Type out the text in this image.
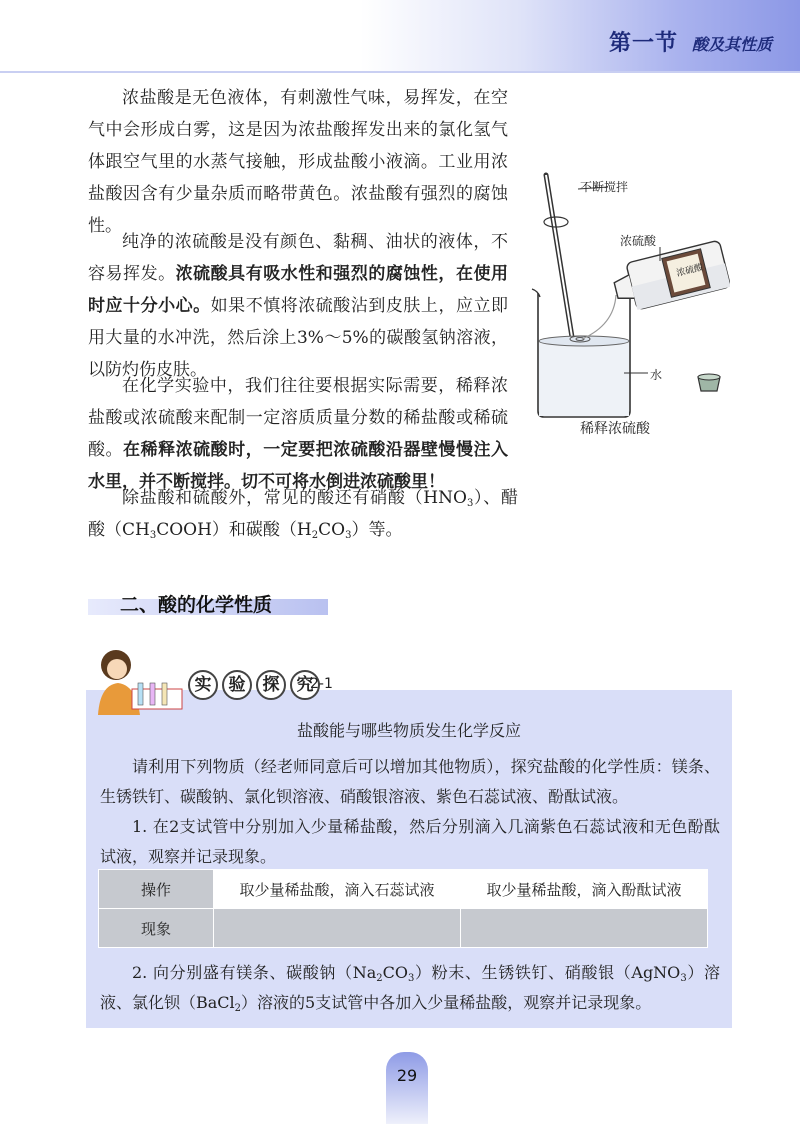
第一节 酸及其性质

浓盐酸是无色液体，有刺激性气味，易挥发，在空气中会形成白雾，这是因为浓盐酸挥发出来的氯化氢气体跟空气里的水蒸气接触，形成盐酸小液滴。工业用浓盐酸因含有少量杂质而略带黄色。浓盐酸有强烈的腐蚀性。

纯净的浓硫酸是没有颜色、黏稠、油状的液体，不容易挥发。浓硫酸具有吸水性和强烈的腐蚀性，在使用时应十分小心。如果不慎将浓硫酸沾到皮肤上，应立即用大量的水冲洗，然后涂上3%～5%的碳酸氢钠溶液，以防灼伤皮肤。

在化学实验中，我们往往要根据实际需要，稀释浓盐酸或浓硫酸来配制一定溶质质量分数的稀盐酸或稀硫酸。在稀释浓硫酸时，一定要把浓硫酸沿器壁慢慢注入水里，并不断搅拌。切不可将水倒进浓硫酸里！

除盐酸和硫酸外，常见的酸还有硝酸$(HNO_3)$、醋酸$(CH_3COOH)$和碳酸$(H_2CO_3)$等。

不断搅拌
浓硫酸
水
浓硫酸
稀释浓硫酸
二、酸的化学性质
实	验	探	究
2-1
盐酸能与哪些物质发生化学反应

请利用下列物质（经老师同意后可以增加其他物质），探究盐酸的化学性质：镁条、生锈铁钉、碳酸钠、氯化钡溶液、硝酸银溶液、紫色石蕊试液、酚酞试液。

1. 在2支试管中分别加入少量稀盐酸，然后分别滴入几滴紫色石蕊试液和无色酚酞试液，观察并记录现象。

操作	取少量稀盐酸，滴入石蕊试液	取少量稀盐酸，滴入酚酞试液
现象		

2. 向分别盛有镁条、碳酸钠$(Na_2CO_3)$粉末、生锈铁钉、硝酸银（AgNO$_3$）溶液、氯化钡（BaCl$_2$）溶液的5支试管中各加入少量稀盐酸，观察并记录现象。

29
